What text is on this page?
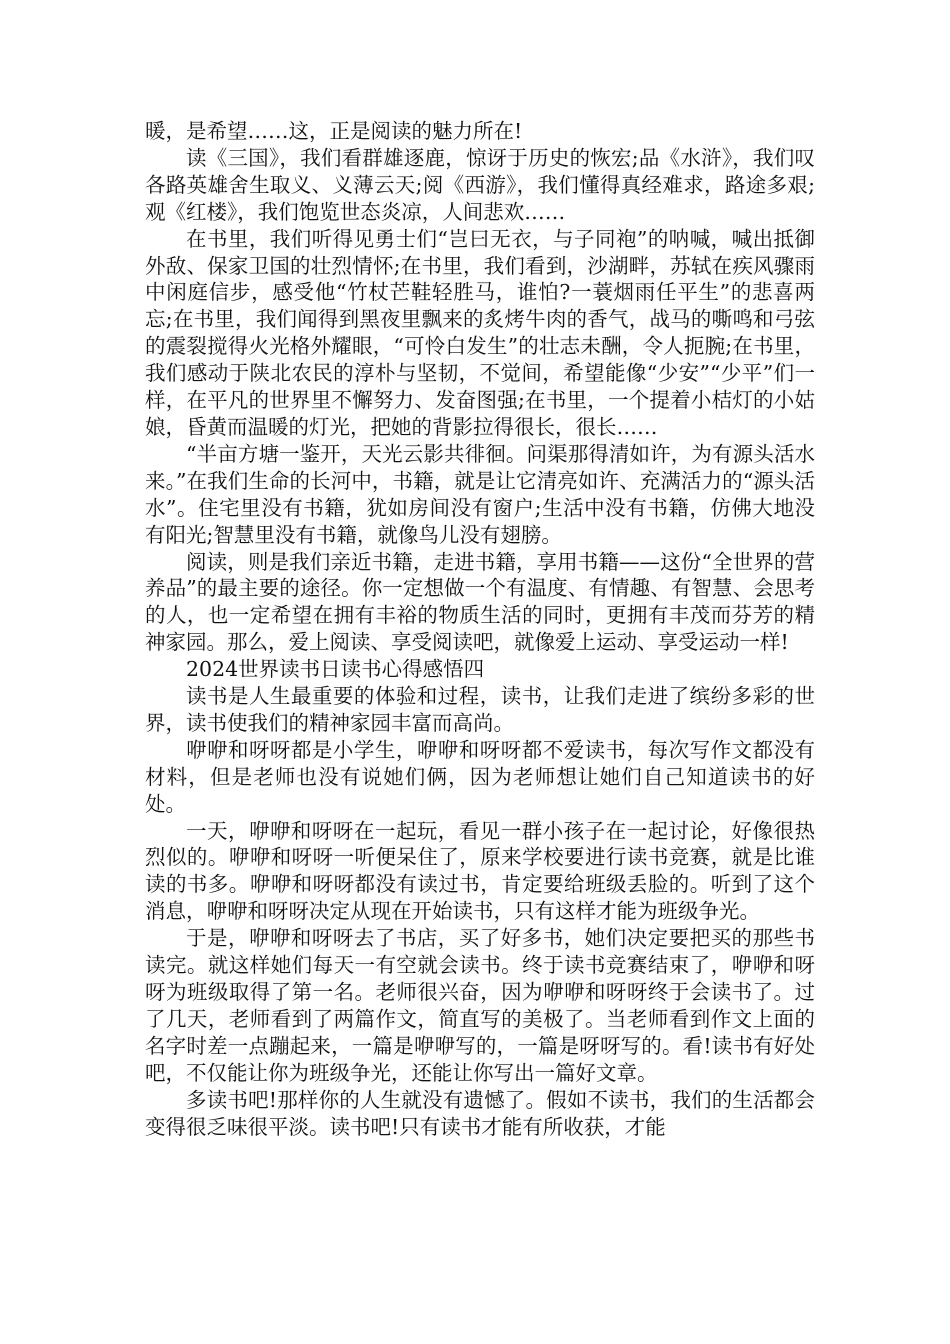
暖，是希望……这，正是阅读的魅力所在!

读《三国》，我们看群雄逐鹿，惊讶于历史的恢宏;品《水浒》，我们叹各路英雄舍生取义、义薄云天;阅《西游》，我们懂得真经难求，路途多艰;观《红楼》，我们饱览世态炎凉，人间悲欢……

在书里，我们听得见勇士们“岂曰无衣，与子同袍”的呐喊，喊出抵御外敌、保家卫国的壮烈情怀;在书里，我们看到，沙湖畔，苏轼在疾风骤雨中闲庭信步，感受他“竹杖芒鞋轻胜马，谁怕?一蓑烟雨任平生”的悲喜两忘;在书里，我们闻得到黑夜里飘来的炙烤牛肉的香气，战马的嘶鸣和弓弦的震裂搅得火光格外耀眼，“可怜白发生”的壮志未酬，令人扼腕;在书里，我们感动于陕北农民的淳朴与坚韧，不觉间，希望能像“少安”“少平”们一样，在平凡的世界里不懈努力、发奋图强;在书里，一个提着小桔灯的小姑娘，昏黄而温暖的灯光，把她的背影拉得很长，很长……

“半亩方塘一鉴开，天光云影共徘徊。问渠那得清如许，为有源头活水来。”在我们生命的长河中，书籍，就是让它清亮如许、充满活力的“源头活水”。住宅里没有书籍，犹如房间没有窗户;生活中没有书籍，仿佛大地没有阳光;智慧里没有书籍，就像鸟儿没有翅膀。

阅读，则是我们亲近书籍，走进书籍，享用书籍——这份“全世界的营养品”的最主要的途径。你一定想做一个有温度、有情趣、有智慧、会思考的人，也一定希望在拥有丰裕的物质生活的同时，更拥有丰茂而芬芳的精神家园。那么，爱上阅读、享受阅读吧，就像爱上运动、享受运动一样!

2024世界读书日读书心得感悟四

读书是人生最重要的体验和过程，读书，让我们走进了缤纷多彩的世界，读书使我们的精神家园丰富而高尚。

咿咿和呀呀都是小学生，咿咿和呀呀都不爱读书，每次写作文都没有材料，但是老师也没有说她们俩，因为老师想让她们自己知道读书的好处。

一天，咿咿和呀呀在一起玩，看见一群小孩子在一起讨论，好像很热烈似的。咿咿和呀呀一听便呆住了，原来学校要进行读书竞赛，就是比谁读的书多。咿咿和呀呀都没有读过书，肯定要给班级丢脸的。听到了这个消息，咿咿和呀呀决定从现在开始读书，只有这样才能为班级争光。

于是，咿咿和呀呀去了书店，买了好多书，她们决定要把买的那些书读完。就这样她们每天一有空就会读书。终于读书竞赛结束了，咿咿和呀呀为班级取得了第一名。老师很兴奋，因为咿咿和呀呀终于会读书了。过了几天，老师看到了两篇作文，简直写的美极了。当老师看到作文上面的名字时差一点蹦起来，一篇是咿咿写的，一篇是呀呀写的。看!读书有好处吧，不仅能让你为班级争光，还能让你写出一篇好文章。

多读书吧!那样你的人生就没有遗憾了。假如不读书，我们的生活都会变得很乏味很平淡。读书吧!只有读书才能有所收获，才能
